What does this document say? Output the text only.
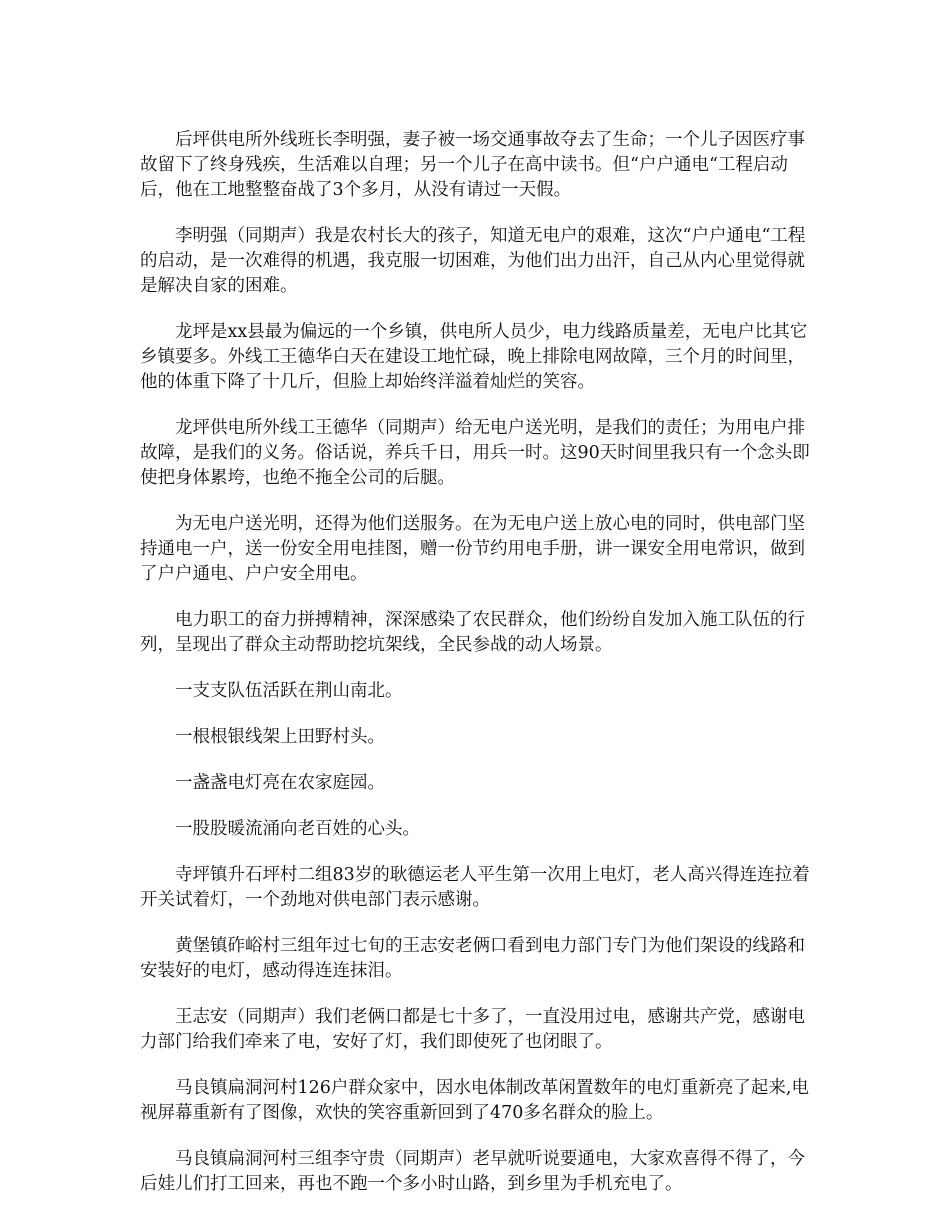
后坪供电所外线班长李明强，妻子被一场交通事故夺去了生命；一个儿子因医疗事故留下了终身残疾，生活难以自理；另一个儿子在高中读书。但“户户通电“工程启动后，他在工地整整奋战了3个多月，从没有请过一天假。

李明强（同期声）我是农村长大的孩子，知道无电户的艰难，这次“户户通电“工程的启动，是一次难得的机遇，我克服一切困难，为他们出力出汗，自己从内心里觉得就是解决自家的困难。

龙坪是xx县最为偏远的一个乡镇，供电所人员少，电力线路质量差，无电户比其它乡镇要多。外线工王德华白天在建设工地忙碌，晚上排除电网故障，三个月的时间里，他的体重下降了十几斤，但脸上却始终洋溢着灿烂的笑容。

龙坪供电所外线工王德华（同期声）给无电户送光明，是我们的责任；为用电户排故障，是我们的义务。俗话说，养兵千日，用兵一时。这90天时间里我只有一个念头即使把身体累垮，也绝不拖全公司的后腿。

为无电户送光明，还得为他们送服务。在为无电户送上放心电的同时，供电部门坚持通电一户，送一份安全用电挂图，赠一份节约用电手册，讲一课安全用电常识，做到了户户通电、户户安全用电。

电力职工的奋力拼搏精神，深深感染了农民群众，他们纷纷自发加入施工队伍的行列，呈现出了群众主动帮助挖坑架线，全民参战的动人场景。

一支支队伍活跃在荆山南北。

一根根银线架上田野村头。

一盏盏电灯亮在农家庭园。

一股股暖流涌向老百姓的心头。

寺坪镇升石坪村二组83岁的耿德运老人平生第一次用上电灯，老人高兴得连连拉着开关试着灯，一个劲地对供电部门表示感谢。

黄堡镇砟峪村三组年过七旬的王志安老俩口看到电力部门专门为他们架设的线路和安装好的电灯，感动得连连抹泪。

王志安（同期声）我们老俩口都是七十多了，一直没用过电，感谢共产党，感谢电力部门给我们牵来了电，安好了灯，我们即使死了也闭眼了。

马良镇扁洞河村126户群众家中，因水电体制改革闲置数年的电灯重新亮了起来,电视屏幕重新有了图像，欢快的笑容重新回到了470多名群众的脸上。

马良镇扁洞河村三组李守贵（同期声）老早就听说要通电，大家欢喜得不得了，今后娃儿们打工回来，再也不跑一个多小时山路，到乡里为手机充电了。
